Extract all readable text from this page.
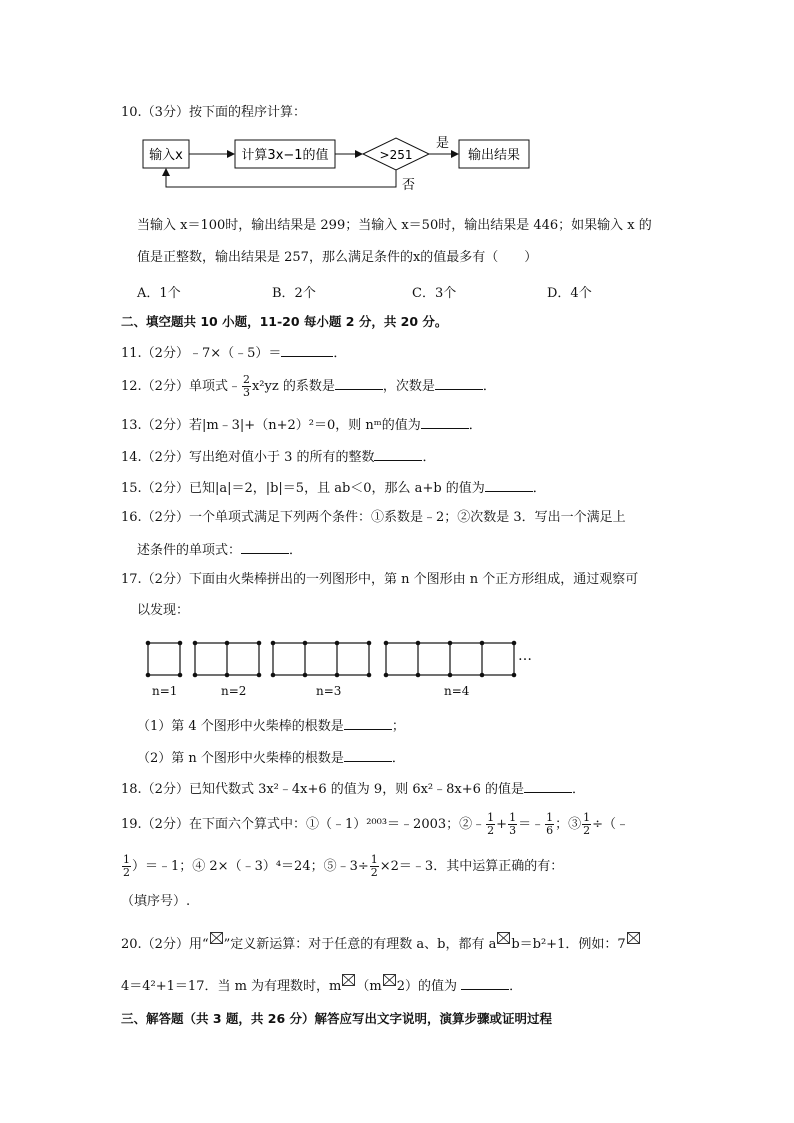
10.（3分）按下面的程序计算：
输入x	计算3x−1的值	>251
是
输出结果
否
当输入 x＝100时，输出结果是 299；当输入 x＝50时，输出结果是 446；如果输入 x 的
值是正整数，输出结果是 257，那么满足条件的x的值最多有（　　）
A．1个	B．2个	C．3个	D．4个
二、填空题共 10 小题，11-20 每小题 2 分，共 20 分。
11.（2分）﹣7×（﹣5）＝	．
12.（2分）单项式﹣ $\frac{2}{3} x^2yz$ 的系数是	，次数是	．
13.（2分）若|m﹣3|+（n+2）²＝0，则 nᵐ的值为	．
14.（2分）写出绝对值小于 3 的所有的整数	．
15.（2分）已知|a|＝2，|b|＝5，且 ab＜0，那么 a+b 的值为	．
16.（2分）一个单项式满足下列两个条件：①系数是﹣2；②次数是 3．写出一个满足上
述条件的单项式：	．
17.（2分）下面由火柴棒拼出的一列图形中，第 n 个图形由 n 个正方形组成，通过观察可
以发现：
…
n=1	n=2	n=3	n=4
（1）第 4 个图形中火柴棒的根数是	；
（2）第 n 个图形中火柴棒的根数是	．
18.（2分）已知代数式 3x²﹣4x+6 的值为 9，则 6x²﹣8x+6 的值是	．
19.（2分）在下面六个算式中：①（﹣1）²⁰⁰³＝﹣2003；②﹣ $\frac{1}{2} + \frac{1}{3}$ ＝﹣ $\frac{1}{6}$ ；③ $\frac{1}{2}$ ÷（﹣
$\frac{1}{2}$ ）＝﹣1；④ 2×（﹣3）⁴＝24；⑤﹣3÷ $\frac{1}{2}$ ×2＝﹣3．其中运算正确的有：
（填序号）.
20.（2分）用“ ”定义新运算：对于任意的有理数 a、b，都有 a b＝b²+1．例如：7
4＝4²+1＝17．当 m 为有理数时，m （m 2）的值为	．
三、解答题（共 3 题，共 26 分）解答应写出文字说明，演算步骤或证明过程
